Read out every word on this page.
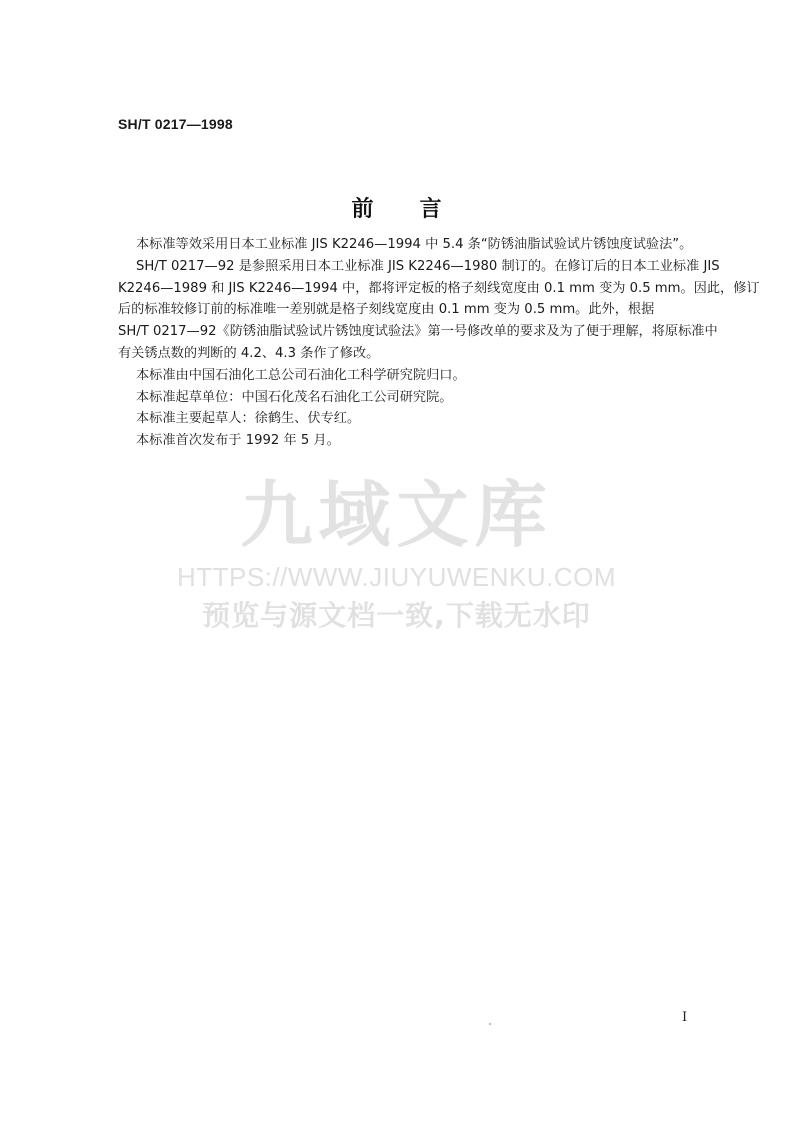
SH/T 0217—1998
前言

本标准等效采用日本工业标准 JIS K2246—1994 中 5.4 条“防锈油脂试验试片锈蚀度试验法”。

SH/T 0217—92 是参照采用日本工业标准 JIS K2246—1980 制订的。在修订后的日本工业标准 JIS

K2246—1989 和 JIS K2246—1994 中，都将评定板的格子刻线宽度由 0.1 mm 变为 0.5 mm。因此，修订

后的标准较修订前的标准唯一差别就是格子刻线宽度由 0.1 mm 变为 0.5 mm。此外，根据

SH/T 0217—92《防锈油脂试验试片锈蚀度试验法》第一号修改单的要求及为了便于理解，将原标准中

有关锈点数的判断的 4.2、4.3 条作了修改。

本标准由中国石油化工总公司石油化工科学研究院归口。

本标准起草单位：中国石化茂名石油化工公司研究院。

本标准主要起草人：徐鹤生、伏专红。

本标准首次发布于 1992 年 5 月。

九域文库
HTTPS://WWW.JIUYUWENKU.COM
预览与源文档一致,下载无水印
I
